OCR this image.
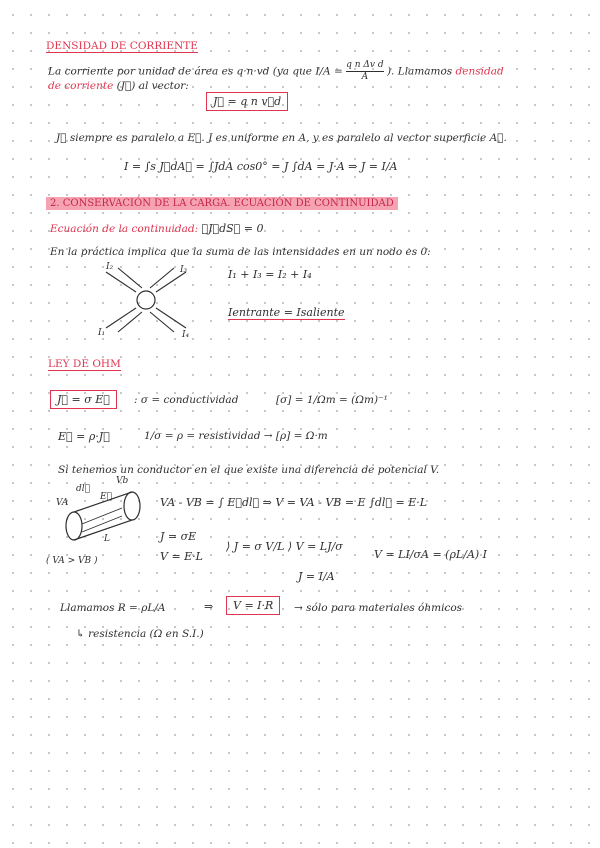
DENSIDAD DE CORRIENTE
La corriente por unidad de área es q·n·vd (ya que $I/A = \frac{\text{q n Δv d}}{A}$ ). Llamamos densidad
de corriente (J⃗) al vector:
J⃗ = q n v⃗d
J⃗ siempre es paralelo a E⃗. J es uniforme en A, y es paralelo al vector superficie A⃗.
I = ∫s J⃗dA⃗ = ∫JdA cos0° = J ∫dA = J·A ⇒ J = I/A
2. CONSERVACIÓN DE LA CARGA. ECUACIÓN DE CONTINUIDAD
Ecuación de la continuidad: ∮J⃗dS⃗ = 0
En la práctica implica que la suma de las intensidades en un nodo es 0:
I₂	I₃
I₁	I₄
I₁ + I₃ = I₂ + I₄
Ientrante = Isaliente
LEY DE OHM
J⃗ = σ E⃗	: σ = conductividad	[σ] = 1/Ωm = (Ωm)⁻¹
E⃗ = ρ·J⃗	1/σ = ρ = resistividad → [ρ] = Ω·m
Si tenemos un conductor en el que existe una diferencia de potencial V.
dl⃗
E⃗
Vb
VA
L
( VA > VB )
VA - VB = ∫ E⃗dl⃗ ⇒ V = VA - VB = E ∫dl⃗ = E·L
J = σE
V = E·L
⟩ J = σ V/L ⟩ V = LJ/σ
J = I/A
V = LI/σA = (ρL/A) I
Llamamos R = ρL/A	⇒	V = I·R	→ sólo para materiales óhmicos
↳ resistencia (Ω en S.I.)
